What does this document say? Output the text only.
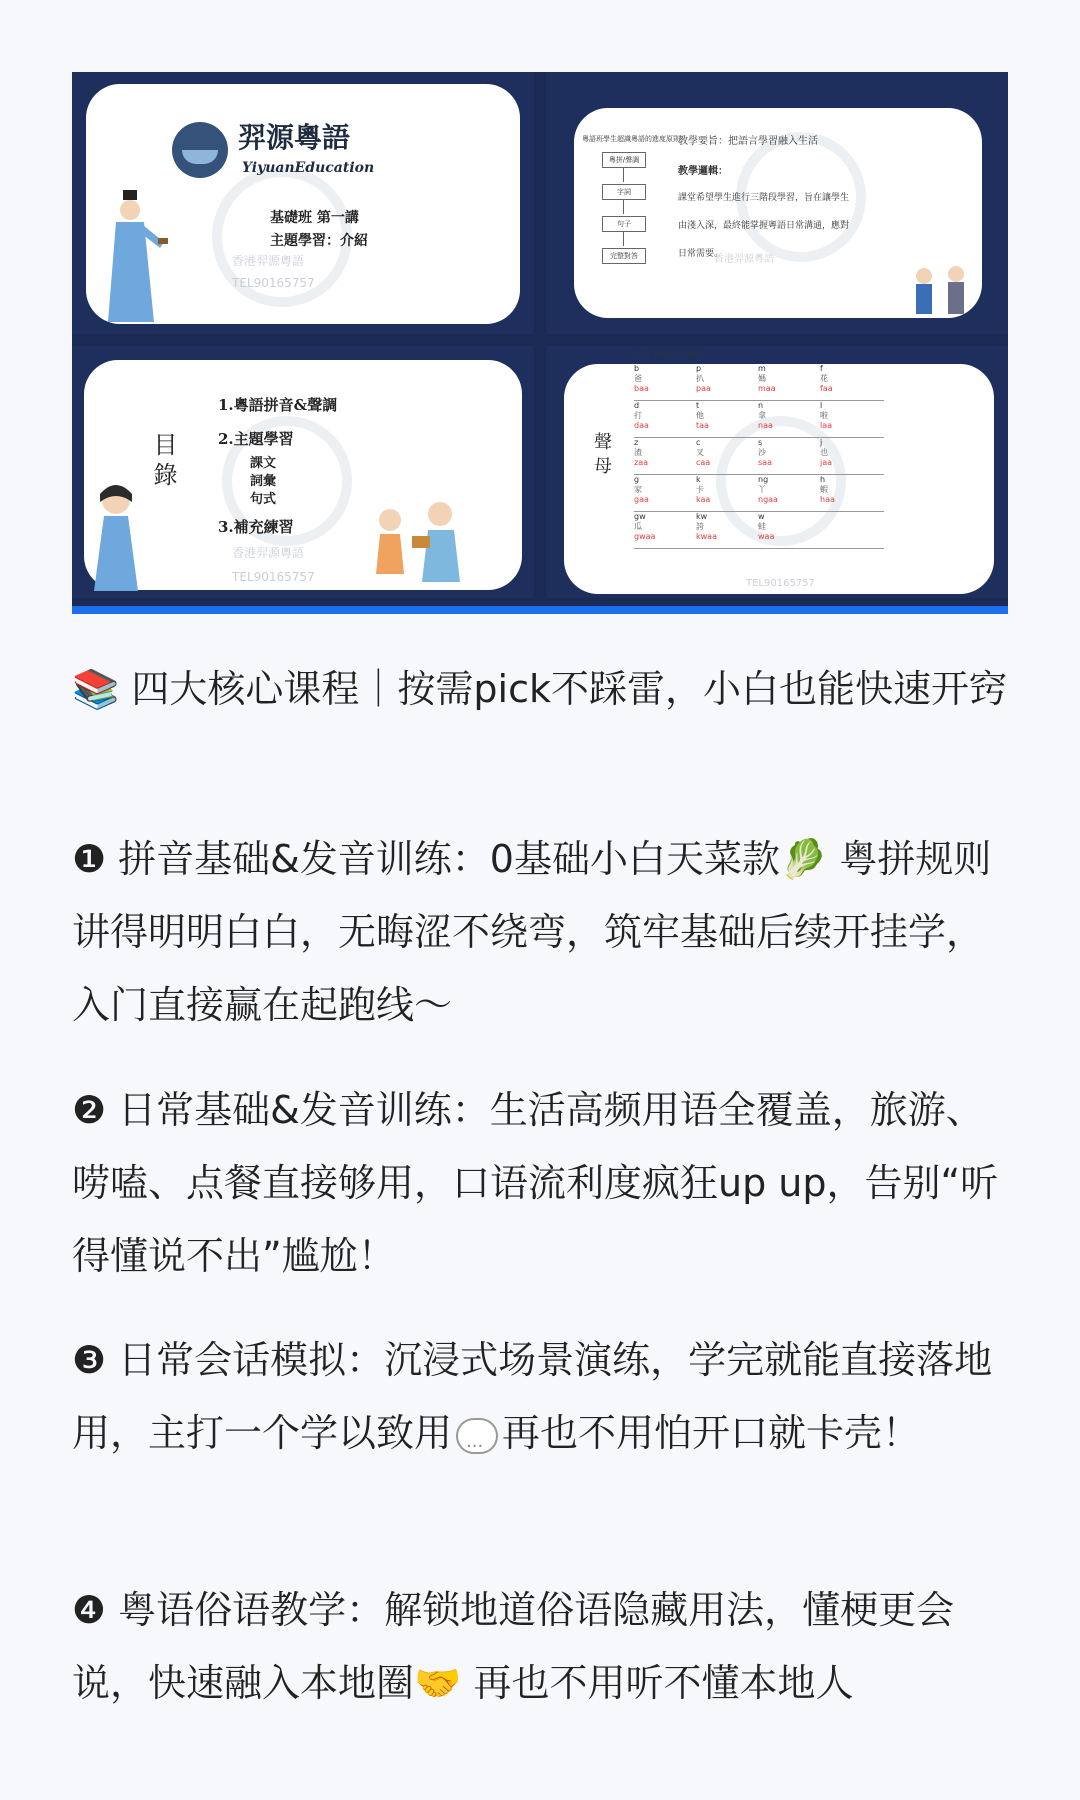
羿源粵語
YiyuanEducation
基礎班 第一講
主題學習：介紹
香港羿源粵語
TEL90165757
粵語班學生超識粵語的進度原則
粵拼/聲調
字詞
句子
完整對答
教學要旨：把語言學習融入生活
教學邏輯：
課堂希望學生進行三階段學習，旨在讓學生
由淺入深，最終能掌握粵語日常溝通，應對
日常需要。
香港羿源粵語
目錄
1.粵語拼音&聲調
2.主題學習
課文
詞彙
句式
3.補充練習
香港羿源粵語
TEL90165757
聲母
(一) 聲母 (19 個)
b
爸
baa
p
扒
paa
m
媽
maa
f
花
faa
d
打
daa
t
他
taa
n
拿
naa
l
啦
laa
z
渣
zaa
c
叉
caa
s
沙
saa
j
也
jaa
g
家
gaa
k
卡
kaa
ng
丫
ngaa
h
蝦
haa
gw
瓜
gwaa
kw
誇
kwaa
w
蛙
waa
TEL90165757
📚 四大核心课程｜按需pick不踩雷，小白也能快速开窍
❶ 拼音基础&发音训练：0基础小白天菜款🥬 粤拼规则讲得明明白白，无晦涩不绕弯，筑牢基础后续开挂学，入门直接赢在起跑线～
❷ 日常基础&发音训练：生活高频用语全覆盖，旅游、唠嗑、点餐直接够用，口语流利度疯狂up up，告别“听得懂说不出”尴尬！
❸ 日常会话模拟：沉浸式场景演练，学完就能直接落地用，主打一个学以致用··· 再也不用怕开口就卡壳！
❹ 粤语俗语教学：解锁地道俗语隐藏用法，懂梗更会说，快速融入本地圈🤝 再也不用听不懂本地人
